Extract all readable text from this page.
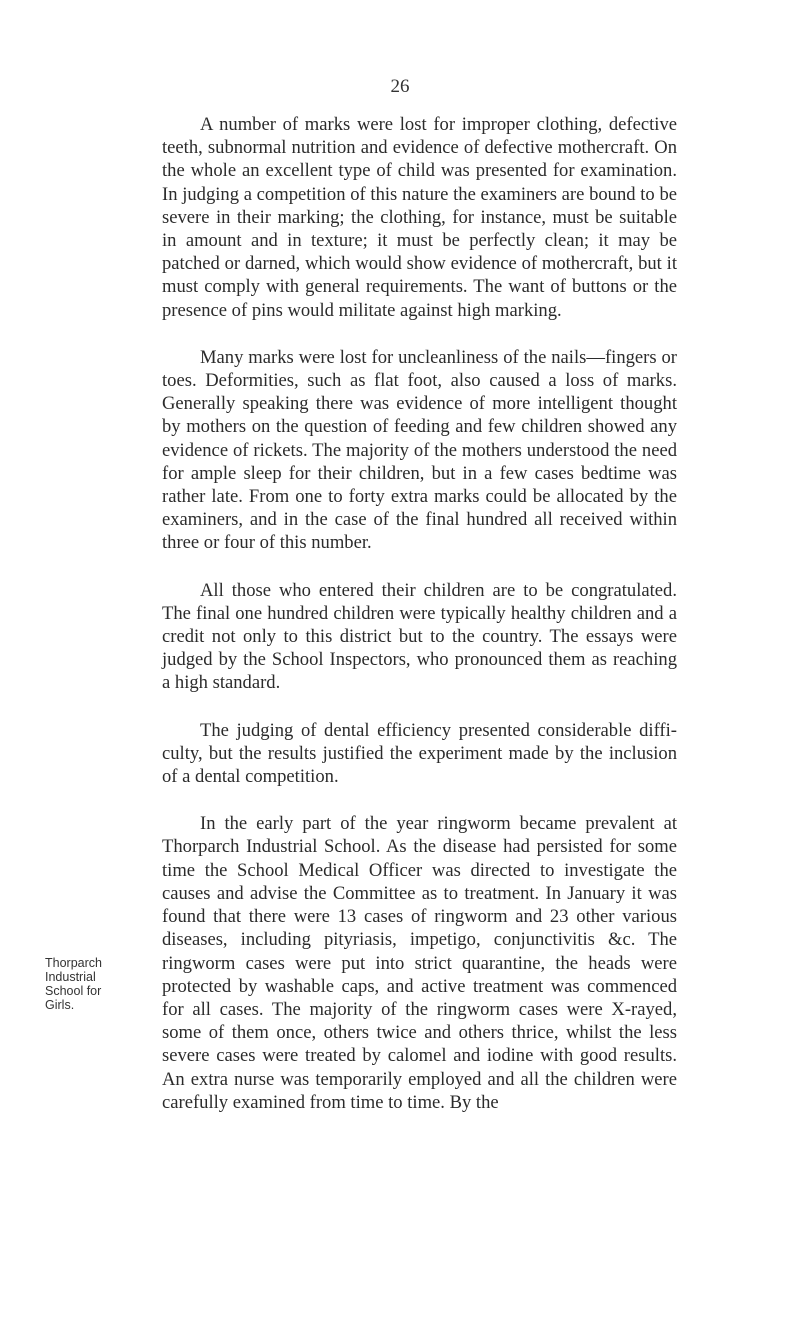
26

A number of marks were lost for improper clothing, defective teeth, subnormal nutrition and evidence of defective mothercraft. On the whole an excellent type of child was presented for examination. In judging a competition of this nature the examiners are bound to be severe in their marking; the clothing, for instance, must be suitable in amount and in texture; it must be perfectly clean; it may be patched or darned, which would show evidence of mothercraft, but it must comply with general requirements. The want of buttons or the presence of pins would militate against high marking.

Many marks were lost for uncleanliness of the nails—fingers or toes. Deformities, such as flat foot, also caused a loss of marks. Generally speaking there was evidence of more intelligent thought by mothers on the question of feeding and few children showed any evidence of rickets. The majority of the mothers understood the need for ample sleep for their children, but in a few cases bedtime was rather late. From one to forty extra marks could be allocated by the examiners, and in the case of the final hundred all received within three or four of this number.

All those who entered their children are to be congratulated. The final one hundred children were typically healthy children and a credit not only to this district but to the country. The essays were judged by the School Inspectors, who pronounced them as reaching a high standard.

The judging of dental efficiency presented considerable difficulty, but the results justified the experiment made by the inclusion of a dental competition.

In the early part of the year ringworm became prevalent at Thorparch Industrial School. As the disease had persisted for some time the School Medical Officer was directed to investigate the causes and advise the Committee as to treatment. In January it was found that there were 13 cases of ringworm and 23 other various diseases, including pityriasis, impetigo, conjunctivitis &c. The ringworm cases were put into strict quarantine, the heads were protected by washable caps, and active treatment was commenced for all cases. The majority of the ringworm cases were X-rayed, some of them once, others twice and others thrice, whilst the less severe cases were treated by calomel and iodine with good results. An extra nurse was temporarily employed and all the children were carefully examined from time to time. By the

Thorparch
Industrial
School for
Girls.
